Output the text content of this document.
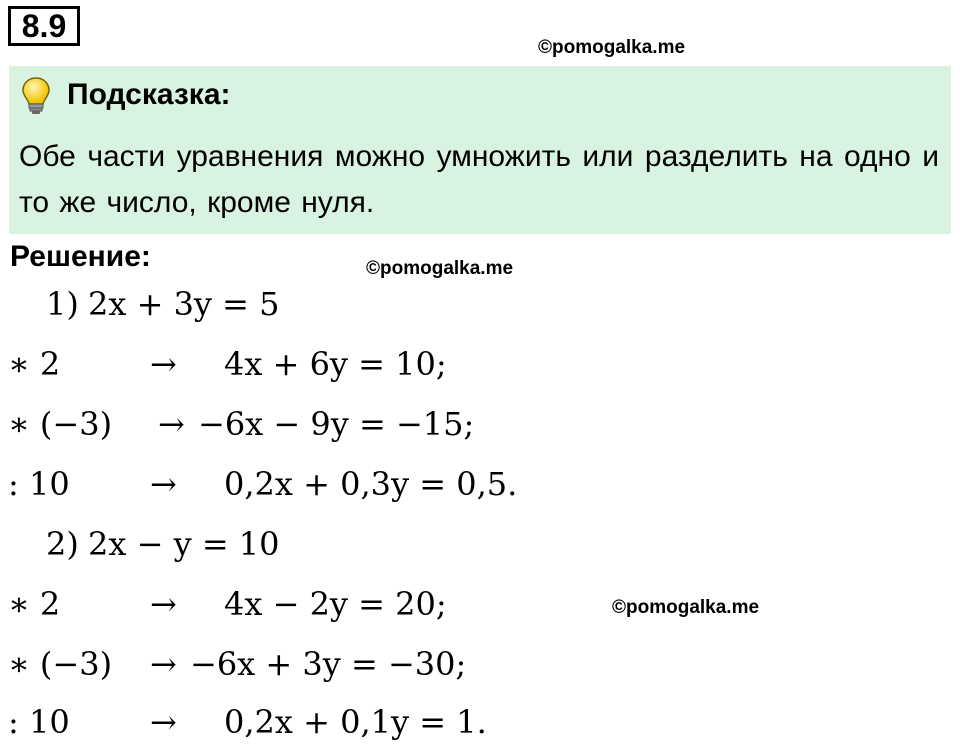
8.9
©pomogalka.me
Подсказка:
Обе части уравнения можно умножить или разделить на одно и то же число, кроме нуля.
Решение:	©pomogalka.me
1) 2x + 3y = 5
∗ 2	→ 4x + 6y = 10;
∗ (−3) → −6x − 9y = −15;
: 10	→ 0,2x + 0,3y = 0,5.
2) 2x − y = 10
∗ 2	→ 4x − 2y = 20;	©pomogalka.me
∗ (−3) → −6x + 3y = −30;
: 10	→ 0,2x + 0,1y = 1.
